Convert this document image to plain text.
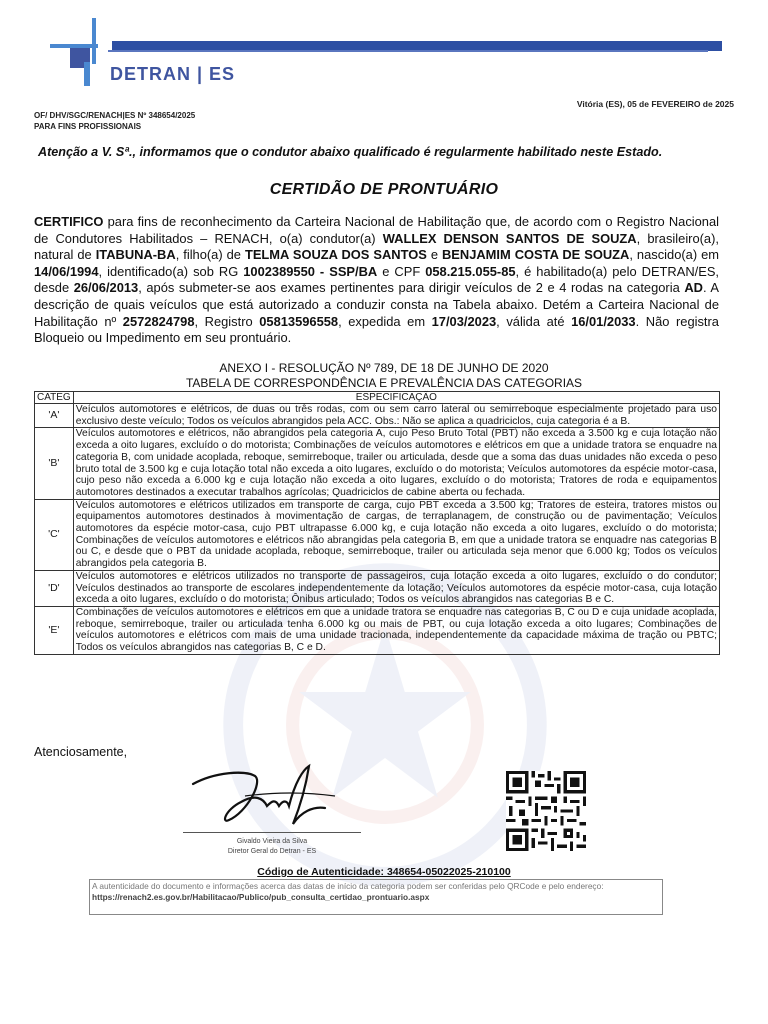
DETRAN | ES
Vitória (ES), 05 de FEVEREIRO de 2025
OF/ DHV/SGC/RENACH|ES Nº 348654/2025
PARA FINS PROFISSIONAIS
Atenção a V. Sª., informamos que o condutor abaixo qualificado é regularmente habilitado neste Estado.
CERTIDÃO DE PRONTUÁRIO
CERTIFICO para fins de reconhecimento da Carteira Nacional de Habilitação que, de acordo com o Registro Nacional de Condutores Habilitados – RENACH, o(a) condutor(a) WALLEX DENSON SANTOS DE SOUZA, brasileiro(a), natural de ITABUNA-BA, filho(a) de TELMA SOUZA DOS SANTOS e BENJAMIM COSTA DE SOUZA, nascido(a) em 14/06/1994, identificado(a) sob RG 1002389550 - SSP/BA e CPF 058.215.055-85, é habilitado(a) pelo DETRAN/ES, desde 26/06/2013, após submeter-se aos exames pertinentes para dirigir veículos de 2 e 4 rodas na categoria AD. A descrição de quais veículos que está autorizado a conduzir consta na Tabela abaixo. Detém a Carteira Nacional de Habilitação nº 2572824798, Registro 05813596558, expedida em 17/03/2023, válida até 16/01/2033. Não registra Bloqueio ou Impedimento em seu prontuário.
ANEXO I - RESOLUÇÃO Nº 789, DE 18 DE JUNHO DE 2020
TABELA DE CORRESPONDÊNCIA E PREVALÊNCIA DAS CATEGORIAS
CATEG	ESPECIFICAÇÃO
'A'	Veículos automotores e elétricos, de duas ou três rodas, com ou sem carro lateral ou semirreboque especialmente projetado para uso exclusivo deste veículo; Todos os veículos abrangidos pela ACC. Obs.: Não se aplica a quadriciclos, cuja categoria é a B.
'B'	Veículos automotores e elétricos, não abrangidos pela categoria A, cujo Peso Bruto Total (PBT) não exceda a 3.500 kg e cuja lotação não exceda a oito lugares, excluído o do motorista; Combinações de veículos automotores e elétricos em que a unidade tratora se enquadre na categoria B, com unidade acoplada, reboque, semirreboque, trailer ou articulada, desde que a soma das duas unidades não exceda o peso bruto total de 3.500 kg e cuja lotação total não exceda a oito lugares, excluído o do motorista; Veículos automotores da espécie motor-casa, cujo peso não exceda a 6.000 kg e cuja lotação não exceda a oito lugares, excluído o do motorista; Tratores de roda e equipamentos automotores destinados a executar trabalhos agrícolas; Quadriciclos de cabine aberta ou fechada.
'C'	Veículos automotores e elétricos utilizados em transporte de carga, cujo PBT exceda a 3.500 kg; Tratores de esteira, tratores mistos ou equipamentos automotores destinados à movimentação de cargas, de terraplanagem, de construção ou de pavimentação; Veículos automotores da espécie motor-casa, cujo PBT ultrapasse 6.000 kg, e cuja lotação não exceda a oito lugares, excluído o do motorista; Combinações de veículos automotores e elétricos não abrangidas pela categoria B, em que a unidade tratora se enquadre nas categorias B ou C, e desde que o PBT da unidade acoplada, reboque, semirreboque, trailer ou articulada seja menor que 6.000 kg; Todos os veículos abrangidos pela categoria B.
'D'	Veículos automotores e elétricos utilizados no transporte de passageiros, cuja lotação exceda a oito lugares, excluído o do condutor; Veículos destinados ao transporte de escolares independentemente da lotação; Veículos automotores da espécie motor-casa, cuja lotação exceda a oito lugares, excluído o do motorista; Ônibus articulado; Todos os veículos abrangidos nas categorias B e C.
'E'	Combinações de veículos automotores e elétricos em que a unidade tratora se enquadre nas categorias B, C ou D e cuja unidade acoplada, reboque, semirreboque, trailer ou articulada tenha 6.000 kg ou mais de PBT, ou cuja lotação exceda a oito lugares; Combinações de veículos automotores e elétricos com mais de uma unidade tracionada, independentemente da capacidade máxima de tração ou PBTC; Todos os veículos abrangidos nas categorias B, C e D.
Atenciosamente,
Givaldo Vieira da Silva
Diretor Geral do Detran - ES
Código de Autenticidade: 348654-05022025-210100
A autenticidade do documento e informações acerca das datas de início da categoria podem ser conferidas pelo QRCode e pelo endereço:
https://renach2.es.gov.br/Habilitacao/Publico/pub_consulta_certidao_prontuario.aspx
